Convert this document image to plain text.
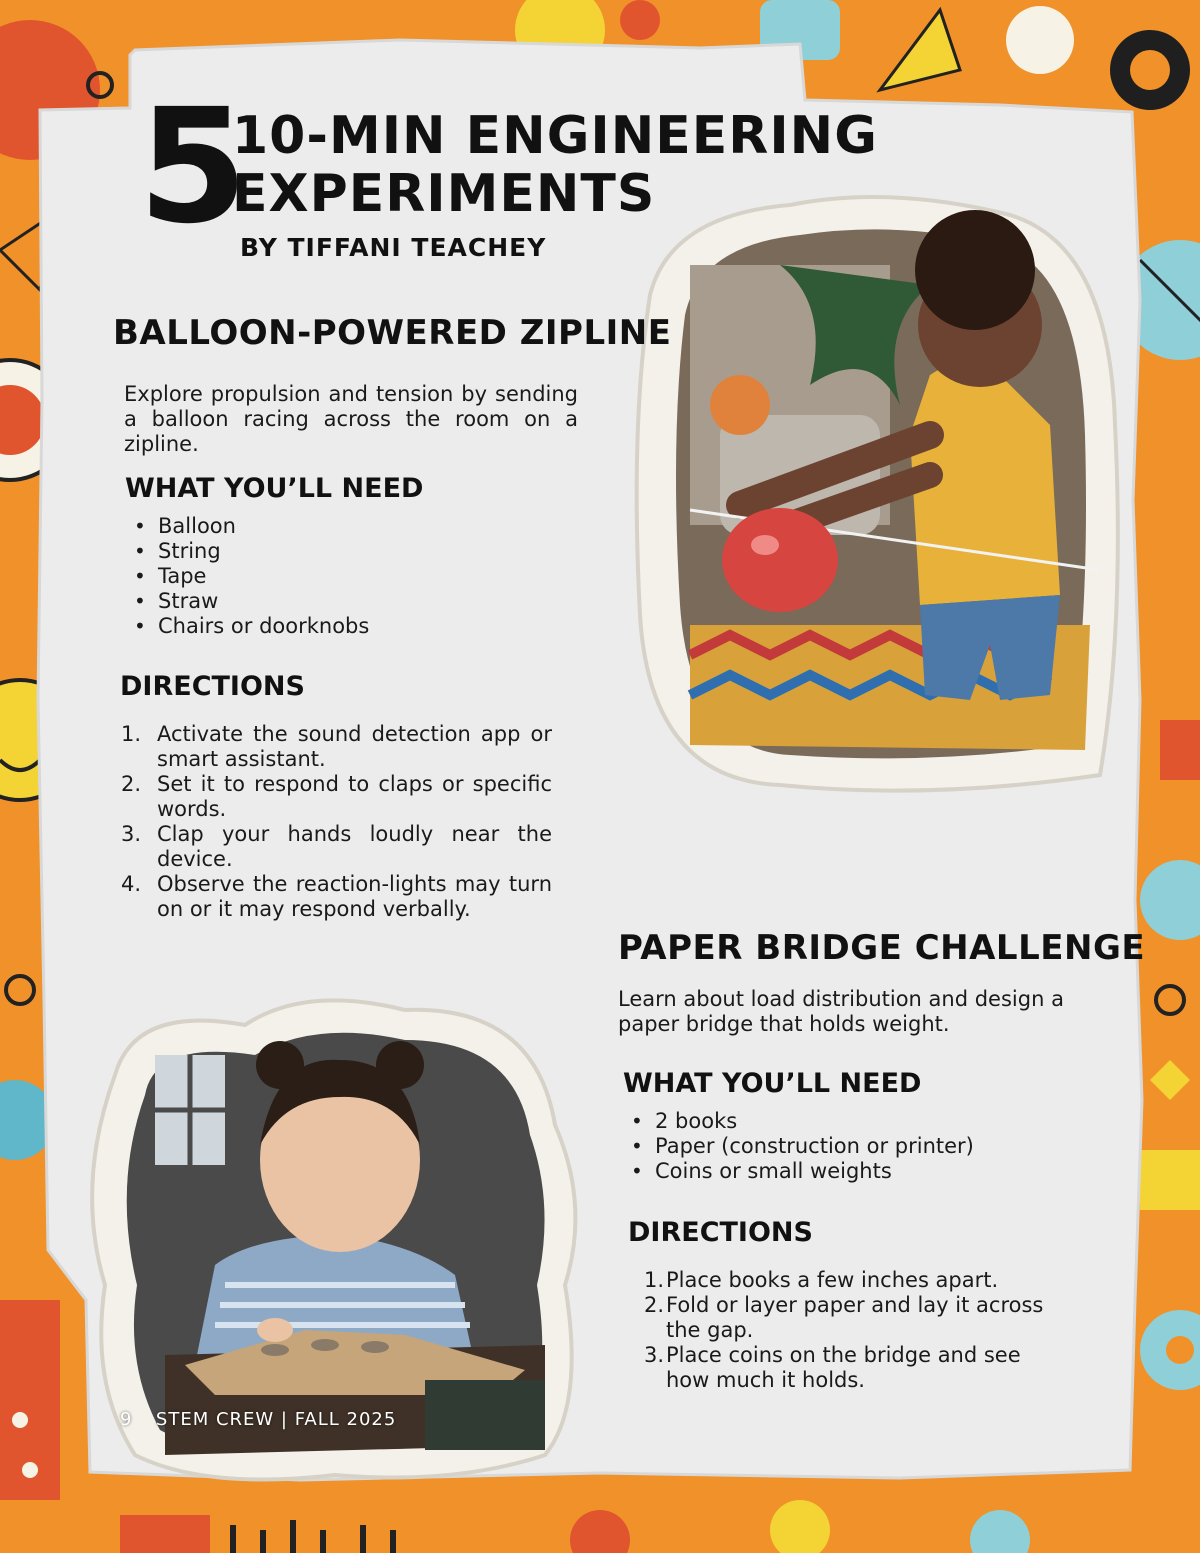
5
10-MIN ENGINEERING
EXPERIMENTS
BY TIFFANI TEACHEY
BALLOON-POWERED ZIPLINE
Explore propulsion and tension by sending a balloon racing across the room on a zipline.
WHAT YOU’LL NEED
• Balloon
• String
• Tape
• Straw
• Chairs or doorknobs
DIRECTIONS
1. Activate the sound detection app or smart assistant.
2. Set it to respond to claps or specific words.
3. Clap your hands loudly near the device.
4. Observe the reaction-lights may turn on or it may respond verbally.
PAPER BRIDGE CHALLENGE
Learn about load distribution and design a paper bridge that holds weight.
WHAT YOU’LL NEED
• 2 books
• Paper (construction or printer)
• Coins or small weights
DIRECTIONS
1. Place books a few inches apart.
2. Fold or layer paper and lay it across the gap.
3. Place coins on the bridge and see how much it holds.
9 STEM CREW | FALL 2025
